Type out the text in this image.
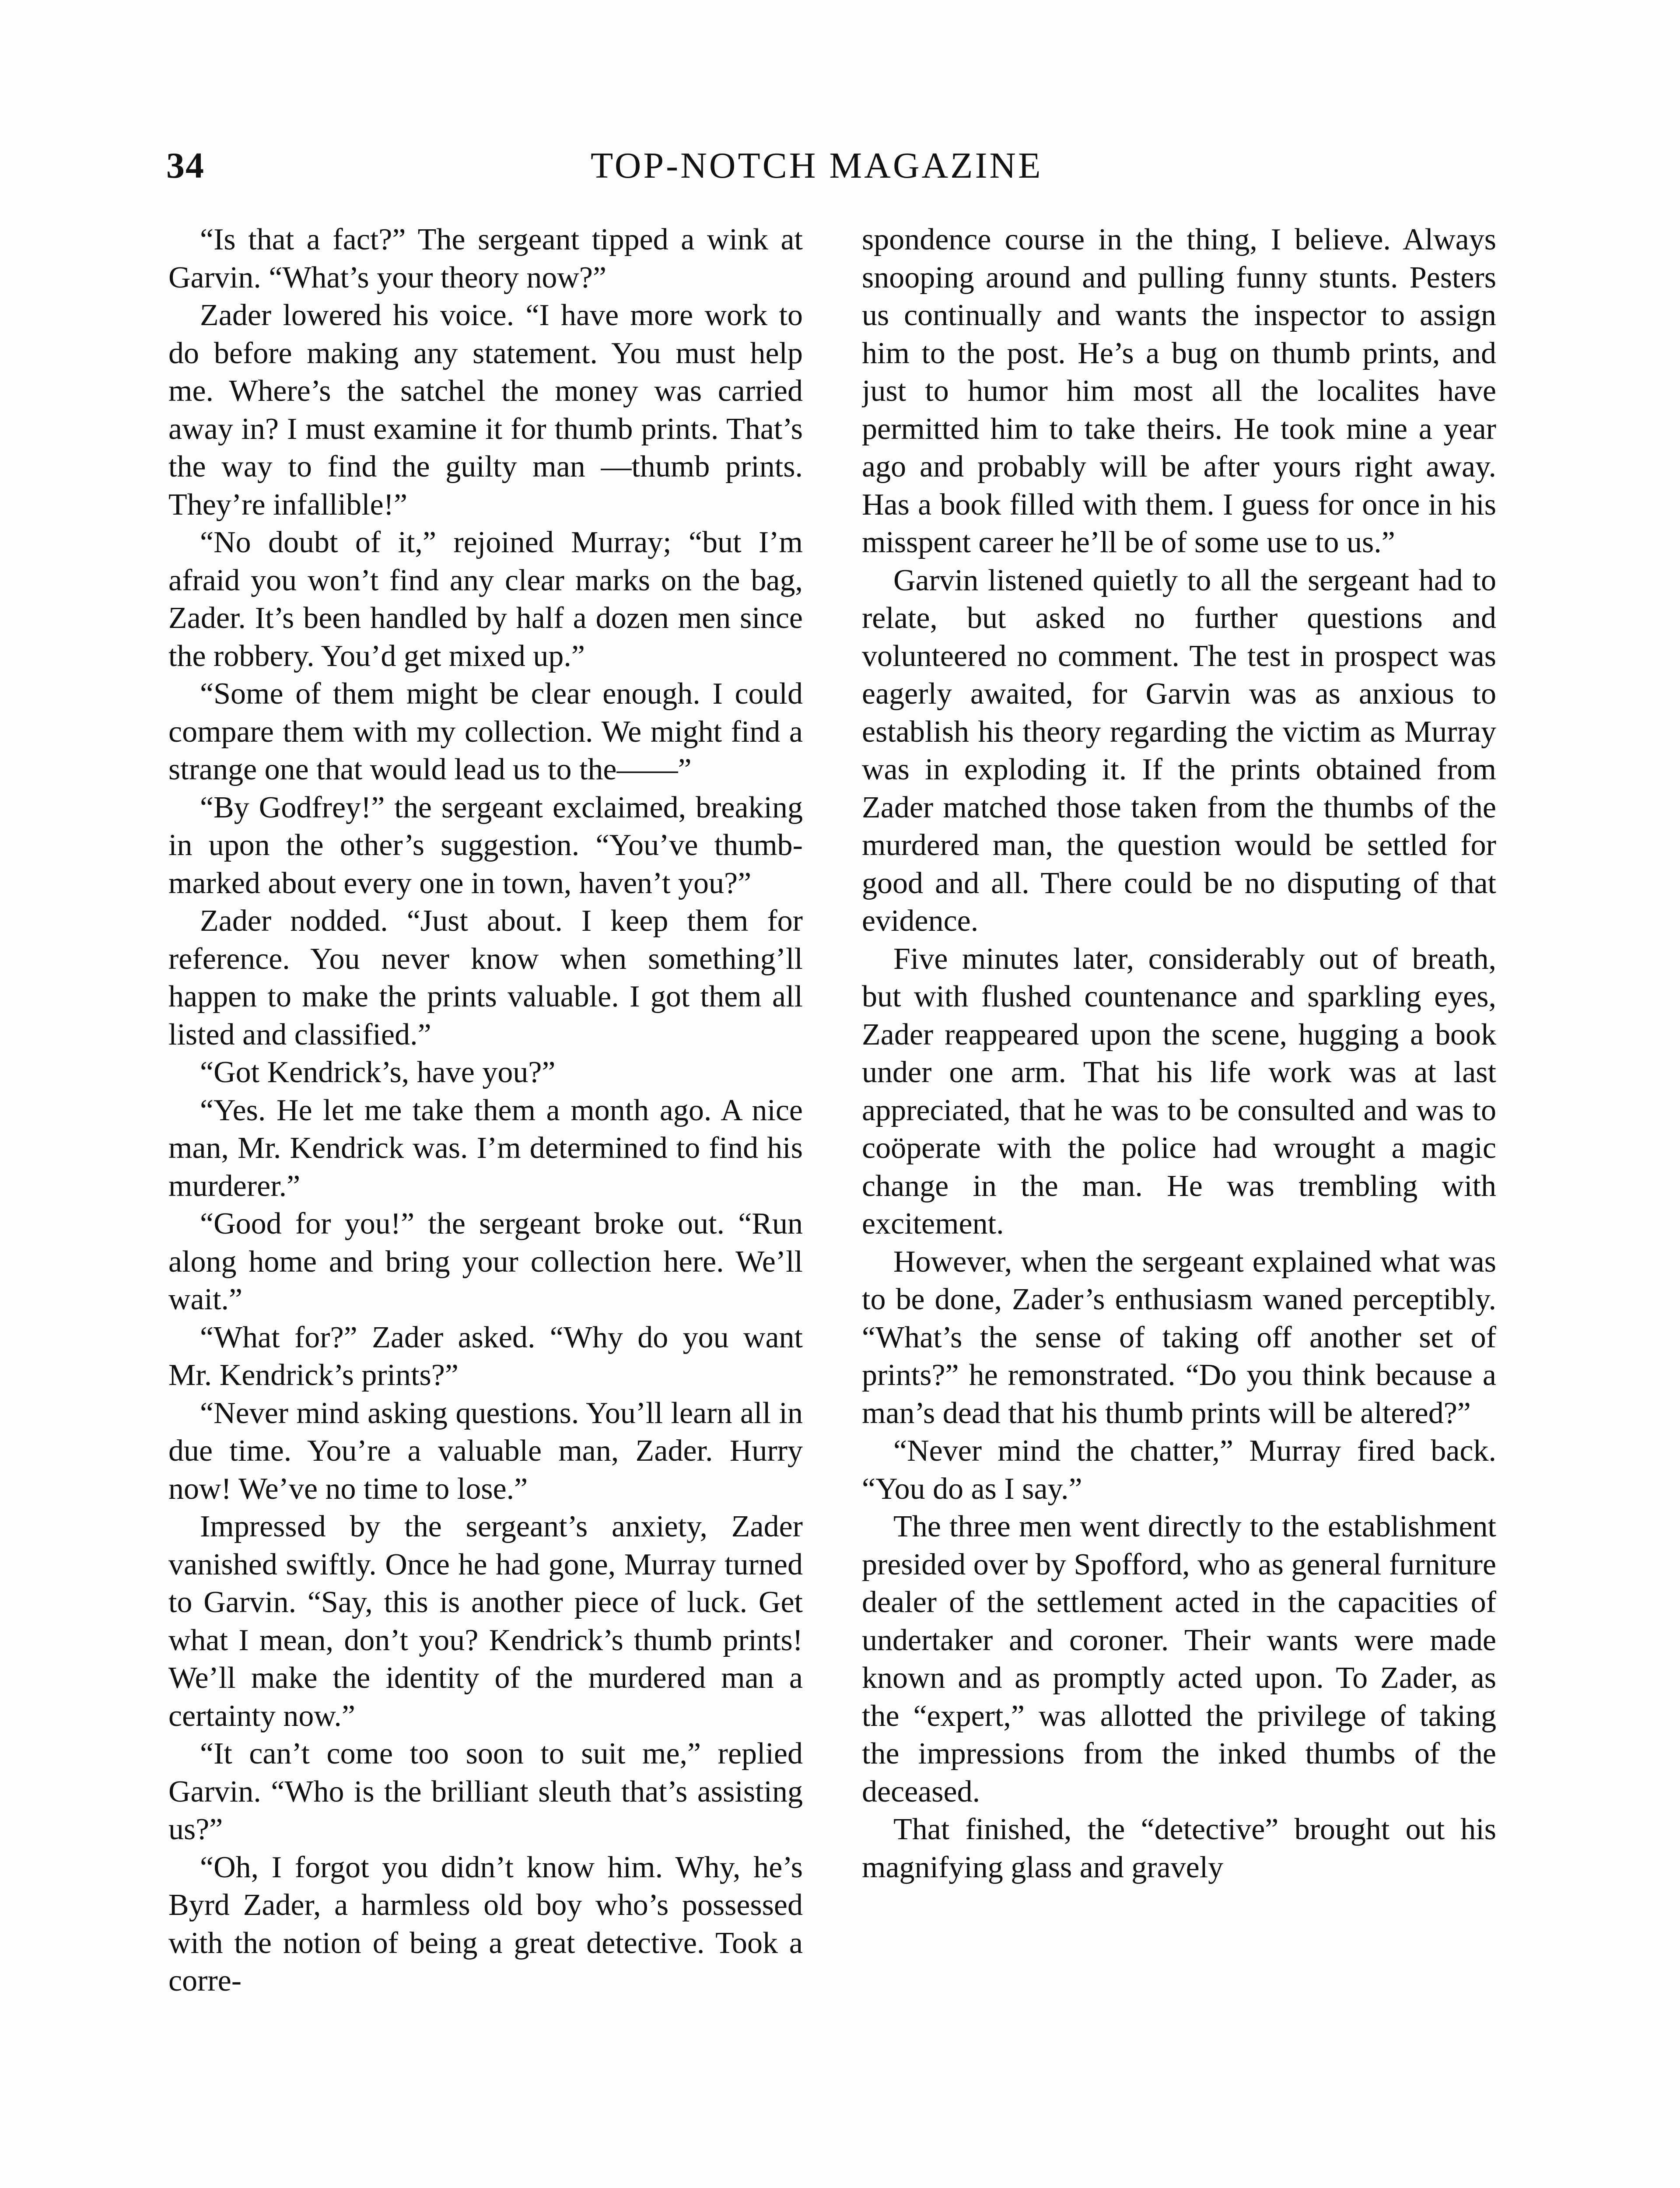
34	TOP-NOTCH MAGAZINE

“Is that a fact?” The sergeant tipped a wink at Garvin. “What’s your theory now?”

Zader lowered his voice. “I have more work to do before making any statement. You must help me. Where’s the satchel the money was carried away in? I must examine it for thumb prints. That’s the way to find the guilty man —thumb prints. They’re infallible!”

“No doubt of it,” rejoined Murray; “but I’m afraid you won’t find any clear marks on the bag, Zader. It’s been handled by half a dozen men since the robbery. You’d get mixed up.”

“Some of them might be clear enough. I could compare them with my collection. We might find a strange one that would lead us to the——”

“By Godfrey!” the sergeant exclaimed, breaking in upon the other’s suggestion. “You’ve thumb-marked about every one in town, haven’t you?”

Zader nodded. “Just about. I keep them for reference. You never know when something’ll happen to make the prints valuable. I got them all listed and classified.”

“Got Kendrick’s, have you?”

“Yes. He let me take them a month ago. A nice man, Mr. Kendrick was. I’m determined to find his murderer.”

“Good for you!” the sergeant broke out. “Run along home and bring your collection here. We’ll wait.”

“What for?” Zader asked. “Why do you want Mr. Kendrick’s prints?”

“Never mind asking questions. You’ll learn all in due time. You’re a valuable man, Zader. Hurry now! We’ve no time to lose.”

Impressed by the sergeant’s anxiety, Zader vanished swiftly. Once he had gone, Murray turned to Garvin. “Say, this is another piece of luck. Get what I mean, don’t you? Kendrick’s thumb prints! We’ll make the identity of the murdered man a certainty now.”

“It can’t come too soon to suit me,” replied Garvin. “Who is the brilliant sleuth that’s assisting us?”

“Oh, I forgot you didn’t know him. Why, he’s Byrd Zader, a harmless old boy who’s possessed with the notion of being a great detective. Took a corre-

spondence course in the thing, I believe. Always snooping around and pulling funny stunts. Pesters us continually and wants the inspector to assign him to the post. He’s a bug on thumb prints, and just to humor him most all the localites have permitted him to take theirs. He took mine a year ago and probably will be after yours right away. Has a book filled with them. I guess for once in his misspent career he’ll be of some use to us.”

Garvin listened quietly to all the sergeant had to relate, but asked no further questions and volunteered no comment. The test in prospect was eagerly awaited, for Garvin was as anxious to establish his theory regarding the victim as Murray was in exploding it. If the prints obtained from Zader matched those taken from the thumbs of the murdered man, the question would be settled for good and all. There could be no disputing of that evidence.

Five minutes later, considerably out of breath, but with flushed countenance and sparkling eyes, Zader reappeared upon the scene, hugging a book under one arm. That his life work was at last appreciated, that he was to be consulted and was to coöperate with the police had wrought a magic change in the man. He was trembling with excitement.

However, when the sergeant explained what was to be done, Zader’s enthusiasm waned perceptibly. “What’s the sense of taking off another set of prints?” he remonstrated. “Do you think because a man’s dead that his thumb prints will be altered?”

“Never mind the chatter,” Murray fired back. “You do as I say.”

The three men went directly to the establishment presided over by Spofford, who as general furniture dealer of the settlement acted in the capacities of undertaker and coroner. Their wants were made known and as promptly acted upon. To Zader, as the “expert,” was allotted the privilege of taking the impressions from the inked thumbs of the deceased.

That finished, the “detective” brought out his magnifying glass and gravely
